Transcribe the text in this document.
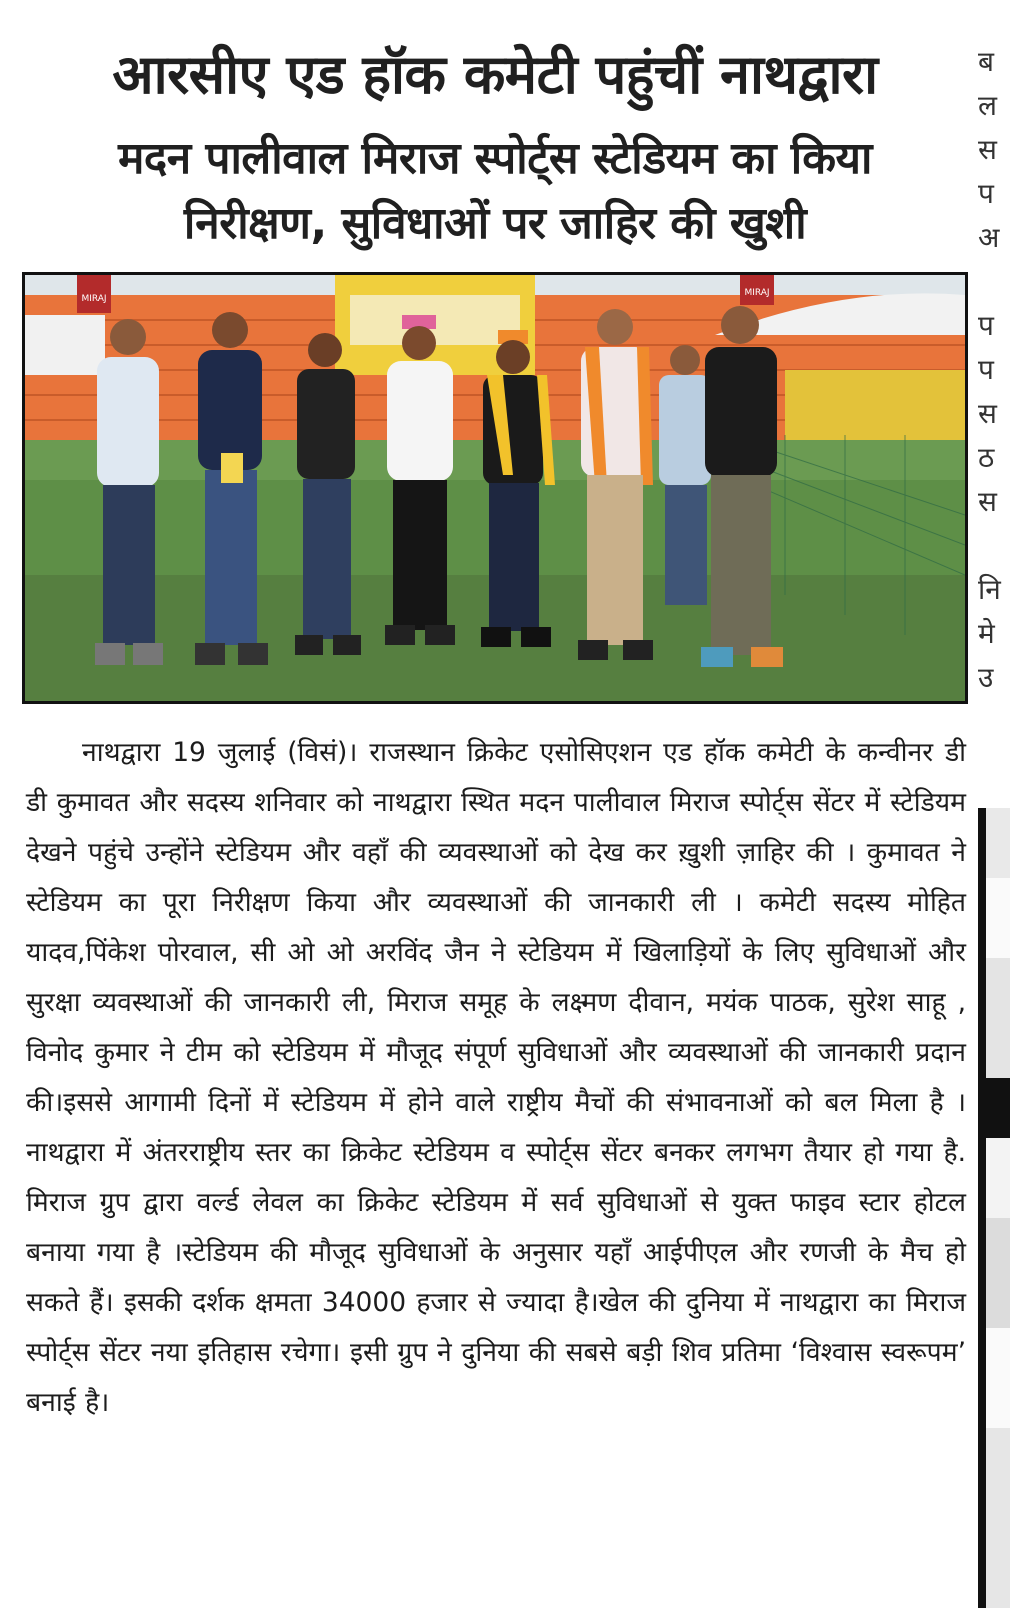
आरसीए एड हॉक कमेटी पहुंचीं नाथद्वारा
मदन पालीवाल मिराज स्पोर्ट्स स्टेडियम का किया
निरीक्षण, सुविधाओं पर जाहिर की खुशी
MIRAJ
MIRAJ

नाथद्वारा 19 जुलाई (विसं)। राजस्थान क्रिकेट एसोसिएशन एड हॉक कमेटी के कन्वीनर डी डी कुमावत और सदस्य शनिवार को नाथद्वारा स्थित मदन पालीवाल मिराज स्पोर्ट्स सेंटर में स्टेडियम देखने पहुंचे उन्होंने स्टेडियम और वहाँ की व्यवस्थाओं को देख कर ख़ुशी ज़ाहिर की । कुमावत ने स्टेडियम का पूरा निरीक्षण किया और व्यवस्थाओं की जानकारी ली । कमेटी सदस्य मोहित यादव,पिंकेश पोरवाल, सी ओ ओ अरविंद जैन ने स्टेडियम में खिलाड़ियों के लिए सुविधाओं और सुरक्षा व्यवस्थाओं की जानकारी ली, मिराज समूह के लक्ष्मण दीवान, मयंक पाठक, सुरेश साहू , विनोद कुमार ने टीम को स्टेडियम में मौजूद संपूर्ण सुविधाओं और व्यवस्थाओं की जानकारी प्रदान की।इससे आगामी दिनों में स्टेडियम में होने वाले राष्ट्रीय मैचों की संभावनाओं को बल मिला है ।नाथद्वारा में अंतरराष्ट्रीय स्तर का क्रिकेट स्टेडियम व स्पोर्ट्स सेंटर बनकर लगभग तैयार हो गया है. मिराज ग्रुप द्वारा वर्ल्ड लेवल का क्रिकेट स्टेडियम में सर्व सुविधाओं से युक्त फाइव स्टार होटल बनाया गया है ।स्टेडियम की मौजूद सुविधाओं के अनुसार यहाँ आईपीएल और रणजी के मैच हो सकते हैं। इसकी दर्शक क्षमता 34000 हजार से ज्यादा है।खेल की दुनिया में नाथद्वारा का मिराज स्पोर्ट्स सेंटर नया इतिहास रचेगा। इसी ग्रुप ने दुनिया की सबसे बड़ी शिव प्रतिमा ‘विश्वास स्वरूपम’ बनाई है।

ब
ल
स
प
अ
प
प
स
ठ
स
नि
मे
उ
